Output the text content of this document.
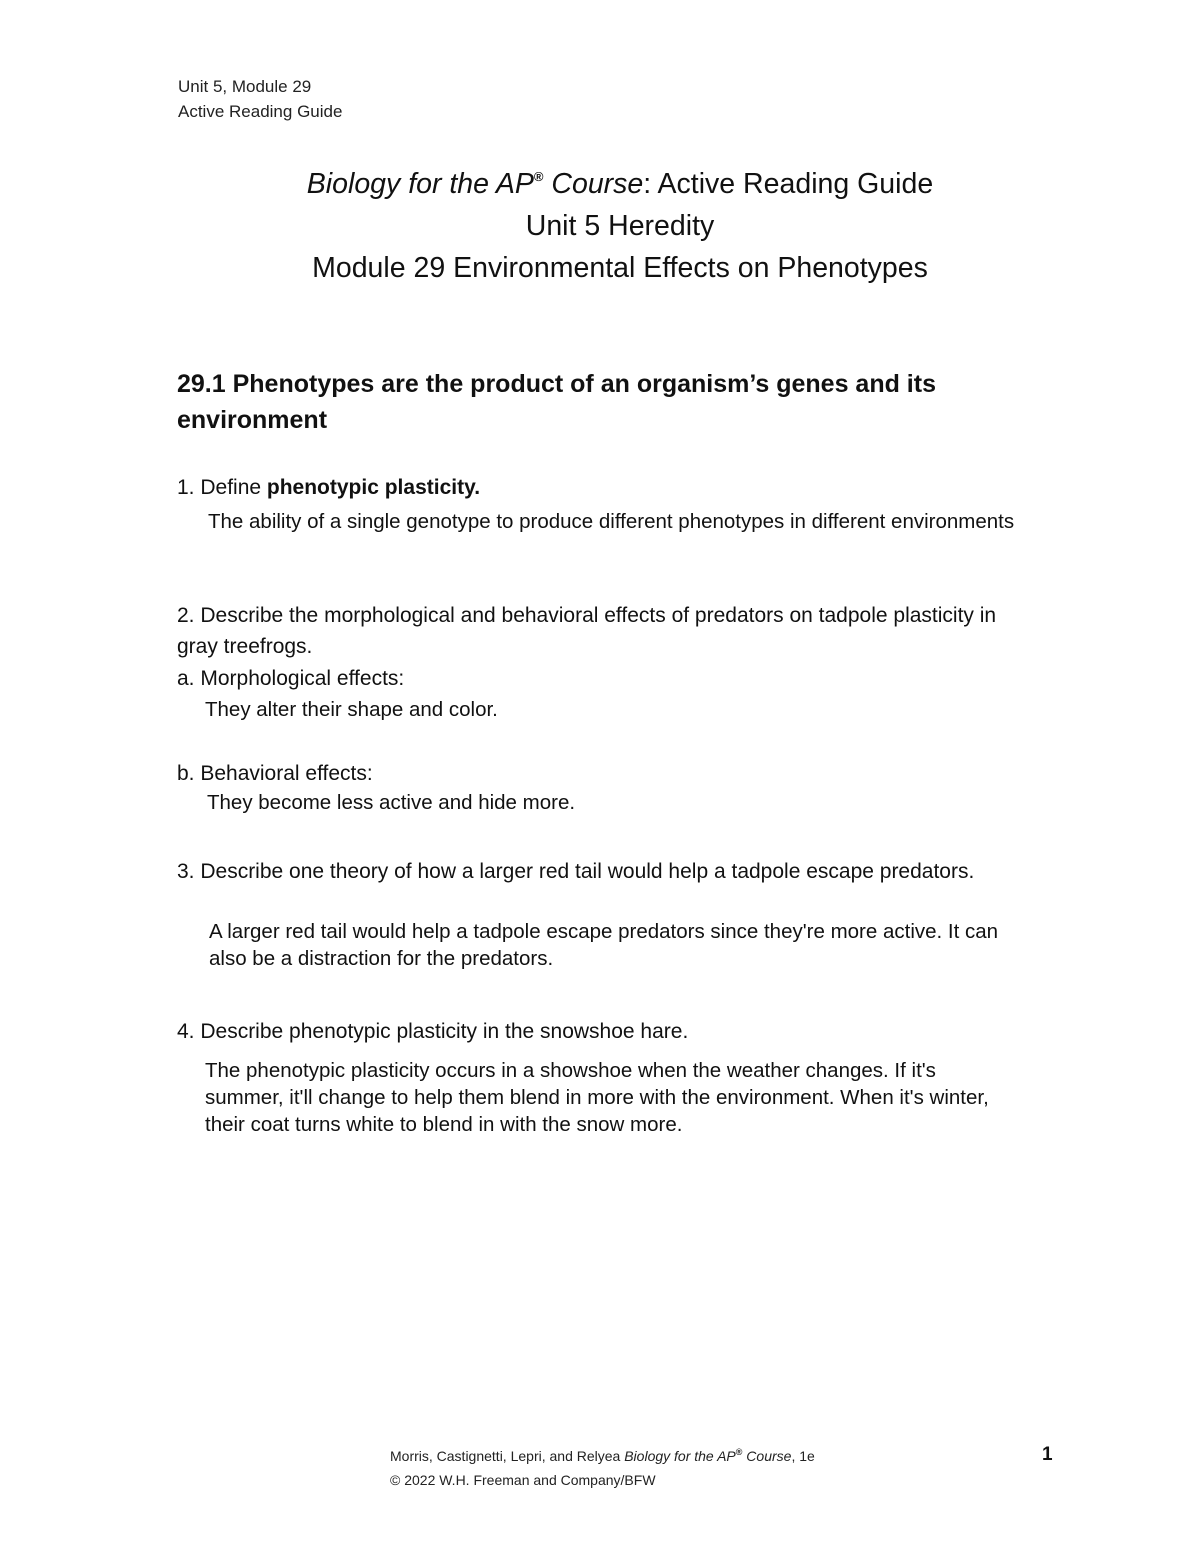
Unit 5, Module 29
Active Reading Guide
Biology for the AP® Course: Active Reading Guide
Unit 5 Heredity
Module 29 Environmental Effects on Phenotypes
29.1 Phenotypes are the product of an organism’s genes and its environment
1. Define phenotypic plasticity.
The ability of a single genotype to produce different phenotypes in different environments
2. Describe the morphological and behavioral effects of predators on tadpole plasticity in gray treefrogs.
a. Morphological effects:
They alter their shape and color.
b. Behavioral effects:
They become less active and hide more.
3. Describe one theory of how a larger red tail would help a tadpole escape predators.
A larger red tail would help a tadpole escape predators since they're more active. It can also be a distraction for the predators.
4. Describe phenotypic plasticity in the snowshoe hare.
The phenotypic plasticity occurs in a showshoe when the weather changes. If it's summer, it'll change to help them blend in more with the environment. When it's winter, their coat turns white to blend in with the snow more.
Morris, Castignetti, Lepri, and Relyea Biology for the AP® Course, 1e
© 2022 W.H. Freeman and Company/BFW
1
